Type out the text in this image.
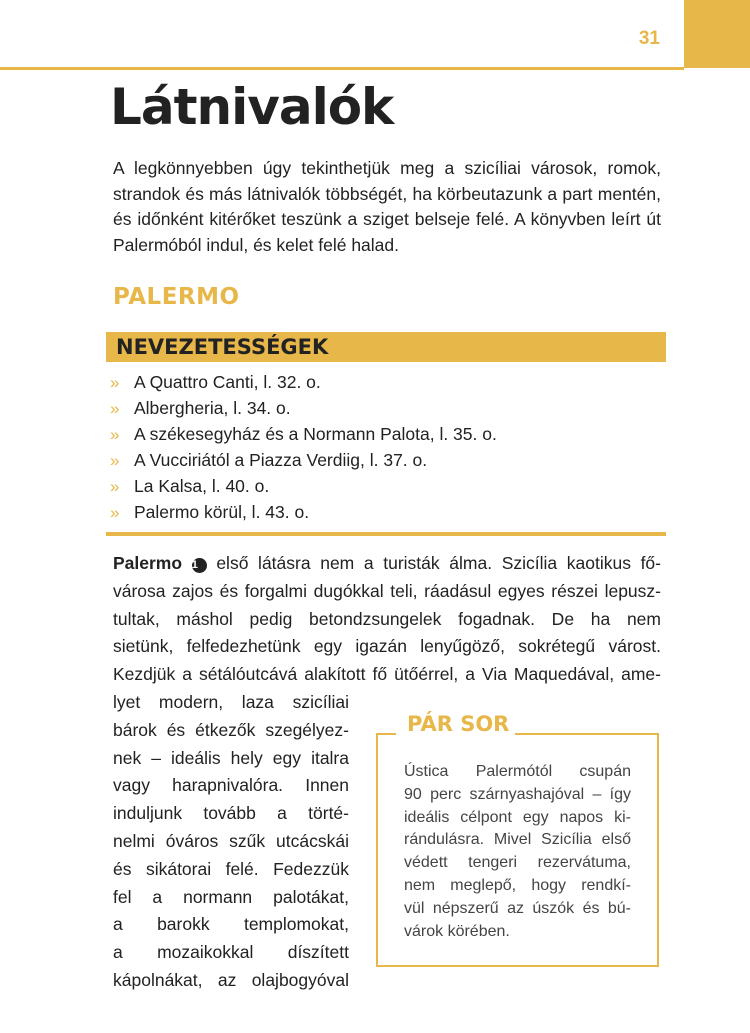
31
Látnivalók

A legkönnyebben úgy tekinthetjük meg a szicíliai városok, romok, strandok és más látnivalók többségét, ha körbeutazunk a part mentén, és időnként kitérőket teszünk a sziget belseje felé. A könyvben leírt út Palermóból indul, és kelet felé halad.

PALERMO
NEVEZETESSÉGEK
» A Quattro Canti, l. 32. o.
» Albergheria, l. 34. o.
» A székesegyház és a Normann Palota, l. 35. o.
» A Vucciriától a Piazza Verdiig, l. 37. o.
» La Kalsa, l. 40. o.
» Palermo körül, l. 43. o.
Palermo 1 első látásra nem a turisták álma. Szicília kaotikus fő-
városa zajos és forgalmi dugókkal teli, ráadásul egyes részei lepusz-
tultak, máshol pedig betondzsungelek fogadnak. De ha nem
sietünk, felfedezhetünk egy igazán lenyűgöző, sokrétegű várost.
Kezdjük a sétálóutcává alakított fő ütőérrel, a Via Maquedával, ame-
lyet modern, laza szicíliai
bárok és étkezők szegélyez-
nek – ideális hely egy italra
vagy harapnivalóra. Innen
induljunk tovább a törté-
nelmi óváros szűk utcácskái
és sikátorai felé. Fedezzük
fel a normann palotákat,
a barokk templomokat,
a mozaikokkal díszített
kápolnákat, az olajbogyóval
PÁR SOR
Ústica Palermótól csupán
90 perc szárnyashajóval – így
ideális célpont egy napos ki-
rándulásra. Mivel Szicília első
védett tengeri rezervátuma,
nem meglepő, hogy rendkí-
vül népszerű az úszók és bú-
várok körében.
